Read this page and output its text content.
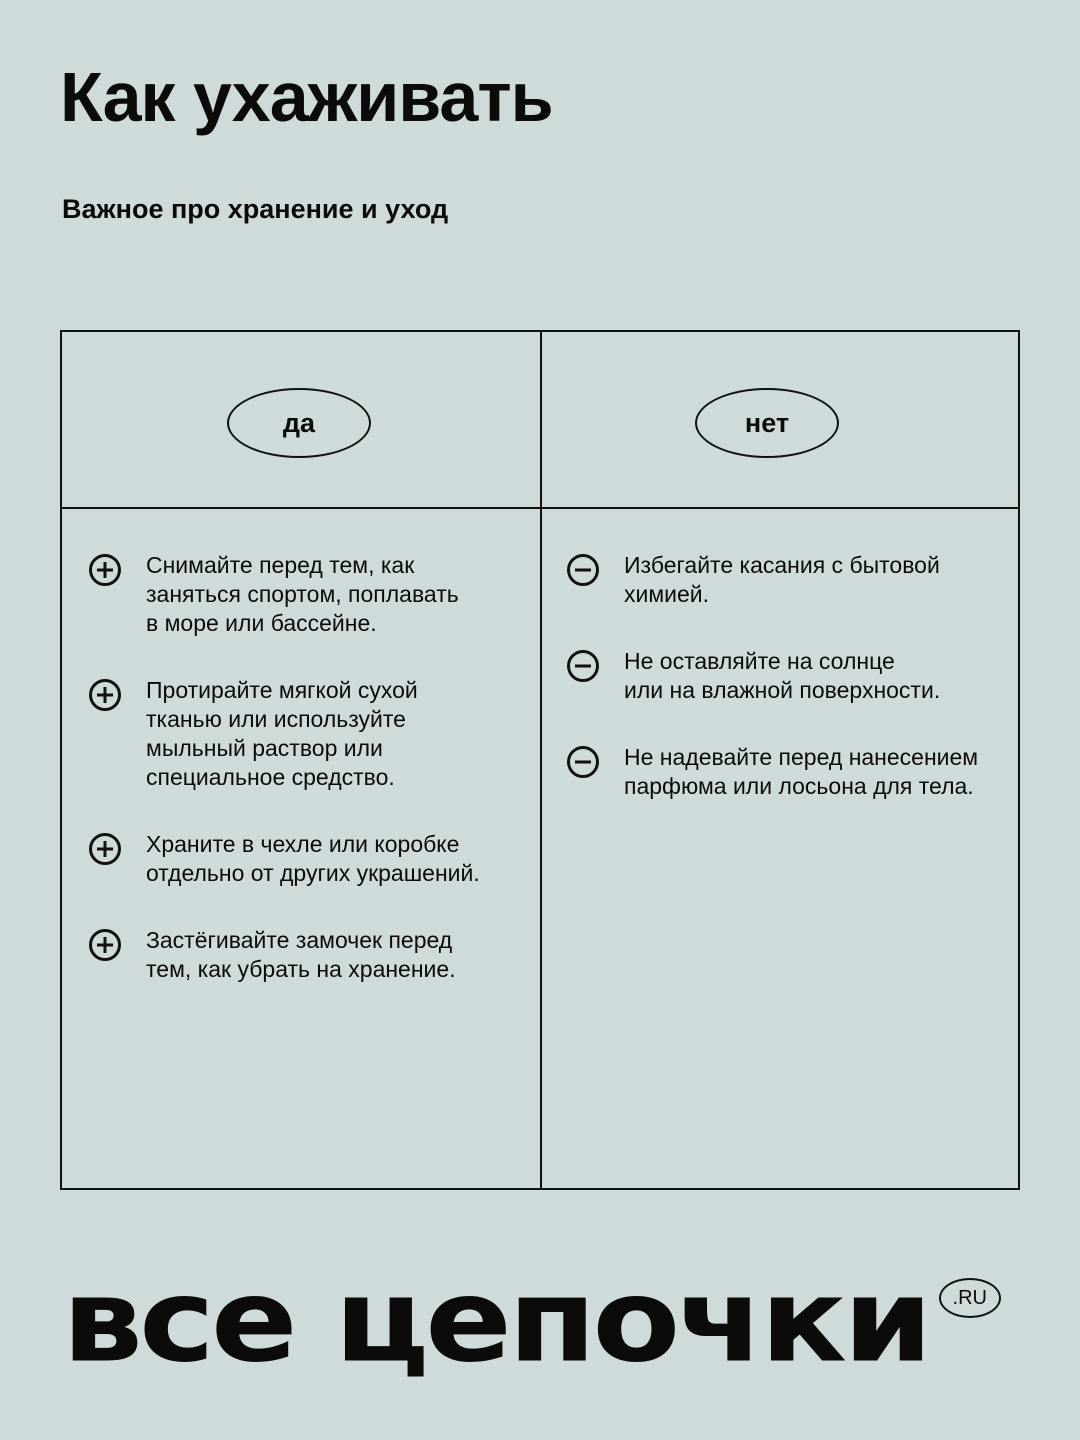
Как ухаживать

Важное про хранение и уход

да	нет
Снимайте перед тем, как
заняться спортом, поплавать
в море или бассейне.
Протирайте мягкой сухой
тканью или используйте
мыльный раствор или
специальное средство.
Храните в чехле или коробке
отдельно от других украшений.
Застёгивайте замочек перед
тем, как убрать на хранение.
Избегайте касания с бытовой
химией.
Не оставляйте на солнце
или на влажной поверхности.
Не надевайте перед нанесением
парфюма или лосьона для тела.
все цепочки	.RU
